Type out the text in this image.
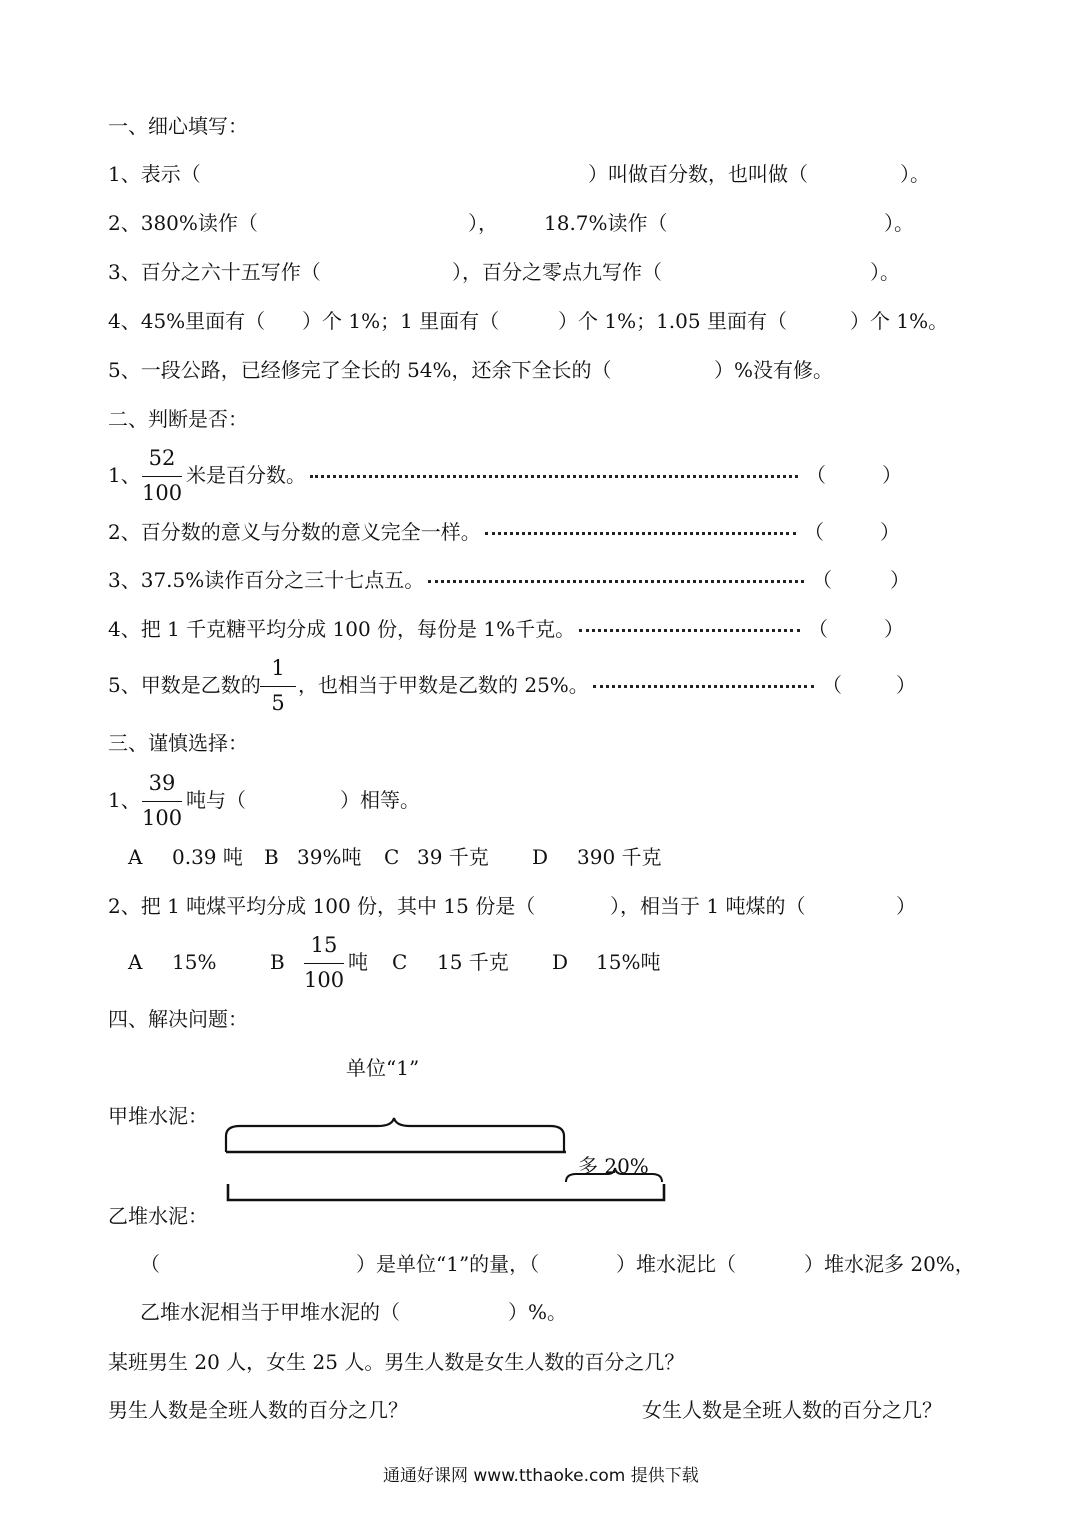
一、细心填写：
1、表示（	）叫做百分数，也叫做（	）。
2、380%读作（	）， 18.7%读作（	）。
3、百分之六十五写作（	），百分之零点九写作（	）。
4、45%里面有（ ）个 1%；1 里面有（	）个 1%；1.05 里面有（	）个 1%。
5、一段公路，已经修完了全长的 54%，还余下全长的（	）%没有修。
二、判断是否：
1、
52
100
米是百分数。	（	）
2、百分数的意义与分数的意义完全一样。	（	）
3、37.5%读作百分之三十七点五。	（	）
4、把 1 千克糖平均分成 100 份，每份是 1%千克。	（	）
5、甲数是乙数的
1
5
，也相当于甲数是乙数的 25%。	（	）
三、谨慎选择：
1、
39
100
吨与（	）相等。
A 0.39 吨 B 39%吨 C 39 千克 D 390 千克
2、把 1 吨煤平均分成 100 份，其中 15 份是（	），相当于 1 吨煤的（	）
A 15%	B
15
100
吨 C 15 千克 D 15%吨
四、解决问题：
单位“1”
甲堆水泥：
乙堆水泥：
多 20%
（	）是单位“1”的量，（	）堆水泥比（	）堆水泥多 20%，
乙堆水泥相当于甲堆水泥的（	）%。
某班男生 20 人，女生 25 人。男生人数是女生人数的百分之几？
男生人数是全班人数的百分之几？	女生人数是全班人数的百分之几？
通通好课网 www.tthaoke.com 提供下载
